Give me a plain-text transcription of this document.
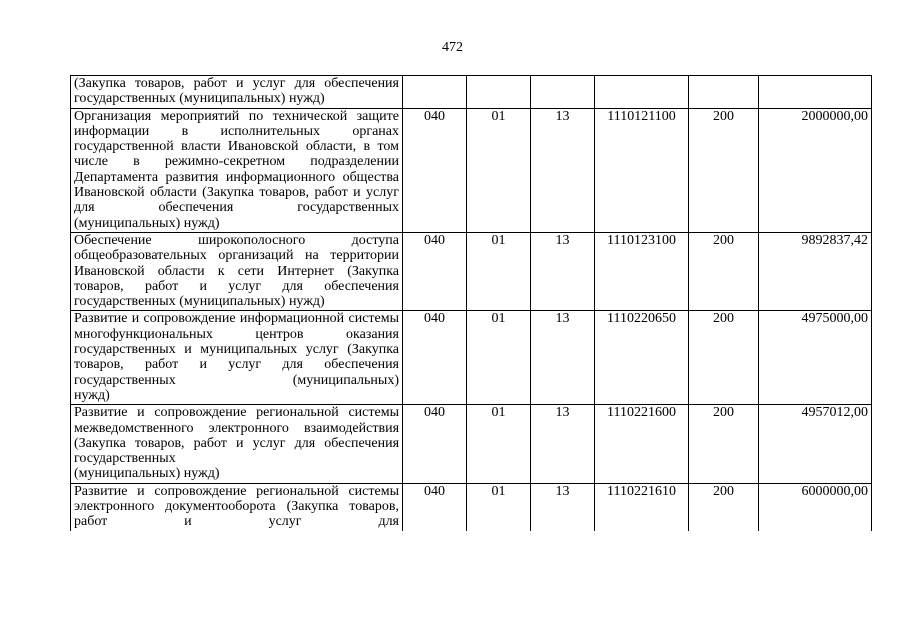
472
(Закупка товаров, работ и услуг для обеспечения
государственных (муниципальных) нужд)						

Организация мероприятий по технической защите информации в исполнительных органах государственной власти Ивановской области, в том числе в режимно-секретном подразделении Департамента развития информационного общества Ивановской области (Закупка товаров, работ и услуг для обеспечения государственных
(муниципальных) нужд)	040	01	13	1110121100	200	2000000,00
Обеспечение широкополосного доступа общеобразовательных организаций на территории Ивановской области к сети Интернет (Закупка товаров, работ и услуг для обеспечения
государственных (муниципальных) нужд)	040	01	13	1110123100	200	9892837,42
Развитие и сопровождение информационной системы многофункциональных центров оказания государственных и муниципальных услуг (Закупка товаров, работ и услуг для обеспечения государственных (муниципальных)
нужд)	040	01	13	1110220650	200	4975000,00
Развитие и сопровождение региональной системы межведомственного электронного взаимодействия (Закупка товаров, работ и услуг для обеспечения государственных
(муниципальных) нужд)	040	01	13	1110221600	200	4957012,00
Развитие и сопровождение региональной системы электронного документооборота (Закупка товаров, работ и услуг для	040	01	13	1110221610	200	6000000,00
